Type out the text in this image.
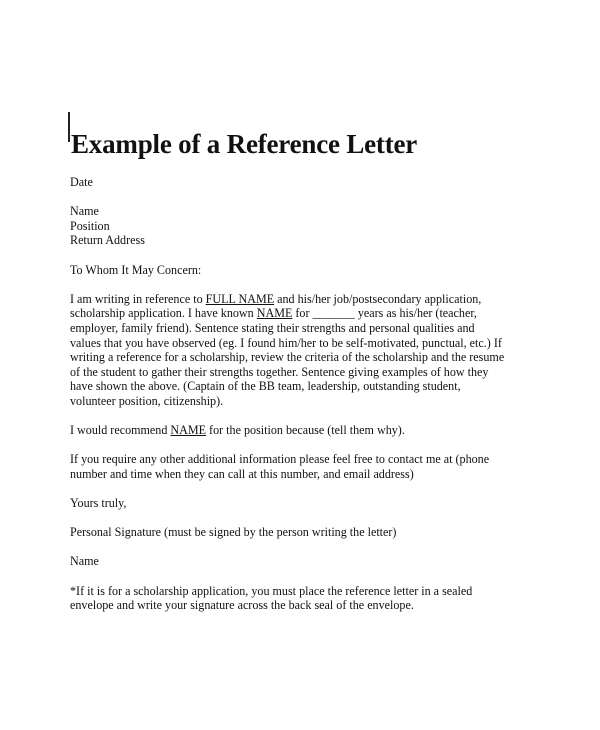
Example of a Reference Letter

Date

Name

Position

Return Address

To Whom It May Concern:

I am writing in reference to FULL NAME and his/her job/postsecondary application,
scholarship application. I have known NAME for _______ years as his/her (teacher,
employer, family friend). Sentence stating their strengths and personal qualities and
values that you have observed (eg. I found him/her to be self-motivated, punctual, etc.) If
writing a reference for a scholarship, review the criteria of the scholarship and the resume
of the student to gather their strengths together. Sentence giving examples of how they
have shown the above. (Captain of the BB team, leadership, outstanding student,
volunteer position, citizenship).

I would recommend NAME for the position because (tell them why).

If you require any other additional information please feel free to contact me at (phone
number and time when they can call at this number, and email address)

Yours truly,

Personal Signature (must be signed by the person writing the letter)

Name

*If it is for a scholarship application, you must place the reference letter in a sealed
envelope and write your signature across the back seal of the envelope.
